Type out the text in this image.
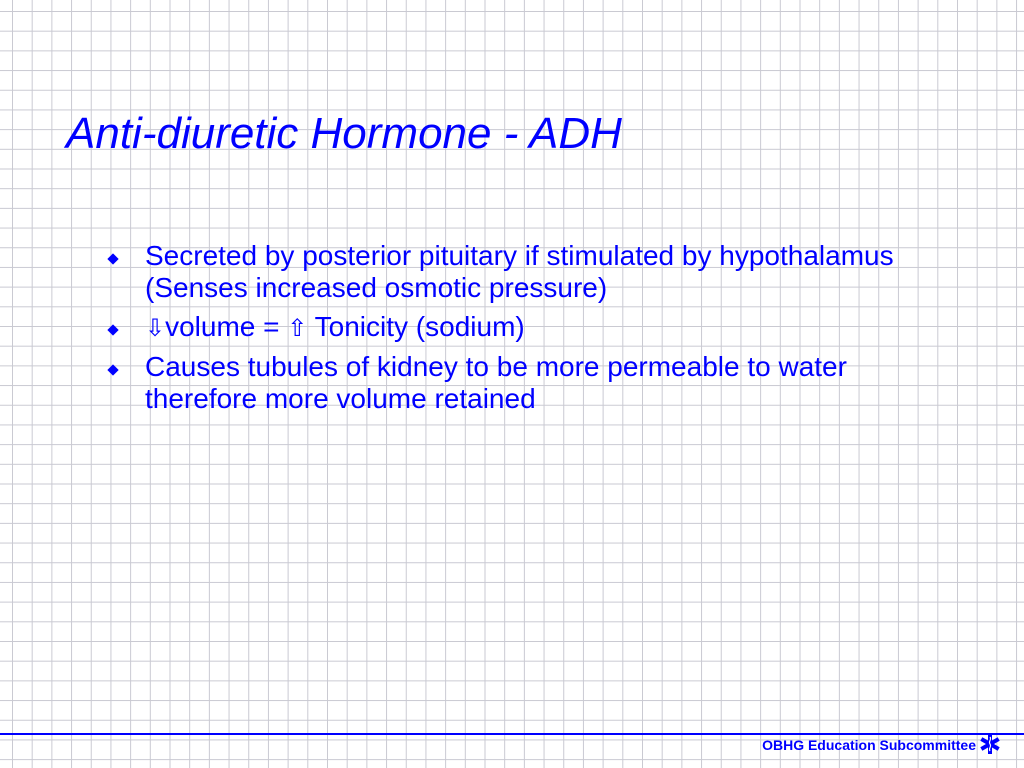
Anti-diuretic Hormone - ADH
Secreted by posterior pituitary if stimulated by hypothalamus (Senses increased osmotic pressure)
⇩volume = ⇧ Tonicity (sodium)
Causes tubules of kidney to be more permeable to water therefore more volume retained
OBHG Education Subcommittee
